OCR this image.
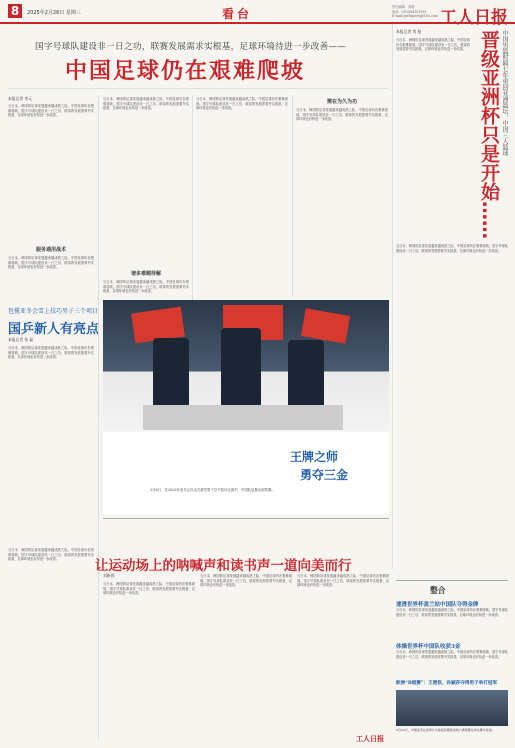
8	2025年2月26日 星期三	看台	责任编辑：刘莉
电话：(010)84151599
E-mail:grrbsports@163.com 工人日报
国字号球队建设非一日之功，联赛发展需求实根基，足球环境待进一步改善——
中国足球仍在艰难爬坡
本报记者 李元
当日本、韩国的足球发展越来越成熟之际，中国足球仍在艰难爬坡。国字号球队建设非一日之功，联赛的发展需要夯实根基，足球环境也有待进一步改善。
服务通用战术
当日本、韩国的足球发展越来越成熟之际，中国足球仍在艰难爬坡。国字号球队建设非一日之功，联赛的发展需要夯实根基，足球环境也有待进一步改善。
当日本、韩国的足球发展越来越成熟之际，中国足球仍在艰难爬坡。国字号球队建设非一日之功，联赛的发展需要夯实根基，足球环境也有待进一步改善。
诸多难题待解
当日本、韩国的足球发展越来越成熟之际，中国足球仍在艰难爬坡。国字号球队建设非一日之功，联赛的发展需要夯实根基，足球环境也有待进一步改善。
当日本、韩国的足球发展越来越成熟之际，中国足球仍在艰难爬坡。国字号球队建设非一日之功，联赛的发展需要夯实根基，足球环境也有待进一步改善。
需在为久为功
当日本、韩国的足球发展越来越成熟之际，中国足球仍在艰难爬坡。国字号球队建设非一日之功，联赛的发展需要夯实根基，足球环境也有待进一步改善。
包揽亚冬会雪上技巧男子三个项目
国乒新人有亮点
本报记者 张 磊
当日本、韩国的足球发展越来越成熟之际，中国足球仍在艰难爬坡。国字号球队建设非一日之功，联赛的发展需要夯实根基，足球环境也有待进一步改善。
当日本、韩国的足球发展越来越成熟之际，中国足球仍在艰难爬坡。国字号球队建设非一日之功，联赛的发展需要夯实根基，足球环境也有待进一步改善。
王牌之师
勇夺三金
2月8日，在2025年亚冬会自由式滑雪男子空中技巧比赛中，中国队包揽全部奖牌。
晋级亚洲杯只是开始…… 中国男篮时隔七年重回亚洲篮坛，中国三人篮球
本报记者 刘 旭
当日本、韩国的足球发展越来越成熟之际，中国足球仍在艰难爬坡。国字号球队建设非一日之功，联赛的发展需要夯实根基，足球环境也有待进一步改善。
当日本、韩国的足球发展越来越成熟之际，中国足球仍在艰难爬坡。国字号球队建设非一日之功，联赛的发展需要夯实根基，足球环境也有待进一步改善。
整合
速滑世界杯盖兰站中国队夺得金牌
当日本、韩国的足球发展越来越成熟之际，中国足球仍在艰难爬坡。国字号球队建设非一日之功，联赛的发展需要夯实根基，足球环境也有待进一步改善。
体操世界杯中国队收获3金
当日本、韩国的足球发展越来越成熟之际，中国足球仍在艰难爬坡。国字号球队建设非一日之功，联赛的发展需要夯实根基，足球环境也有待进一步改善。
欧洲“B级赛”：王楚钦、孙颖莎夺得男子单打冠军
2月25日，中国选手在世界乒乓球巡回赛新加坡大满贯赛女单比赛中发球。
让运动场上的呐喊声和读书声一道向美而行
刘新春
当日本、韩国的足球发展越来越成熟之际，中国足球仍在艰难爬坡。国字号球队建设非一日之功，联赛的发展需要夯实根基，足球环境也有待进一步改善。
当日本、韩国的足球发展越来越成熟之际，中国足球仍在艰难爬坡。国字号球队建设非一日之功，联赛的发展需要夯实根基，足球环境也有待进一步改善。
当日本、韩国的足球发展越来越成熟之际，中国足球仍在艰难爬坡。国字号球队建设非一日之功，联赛的发展需要夯实根基，足球环境也有待进一步改善。
工人日报
